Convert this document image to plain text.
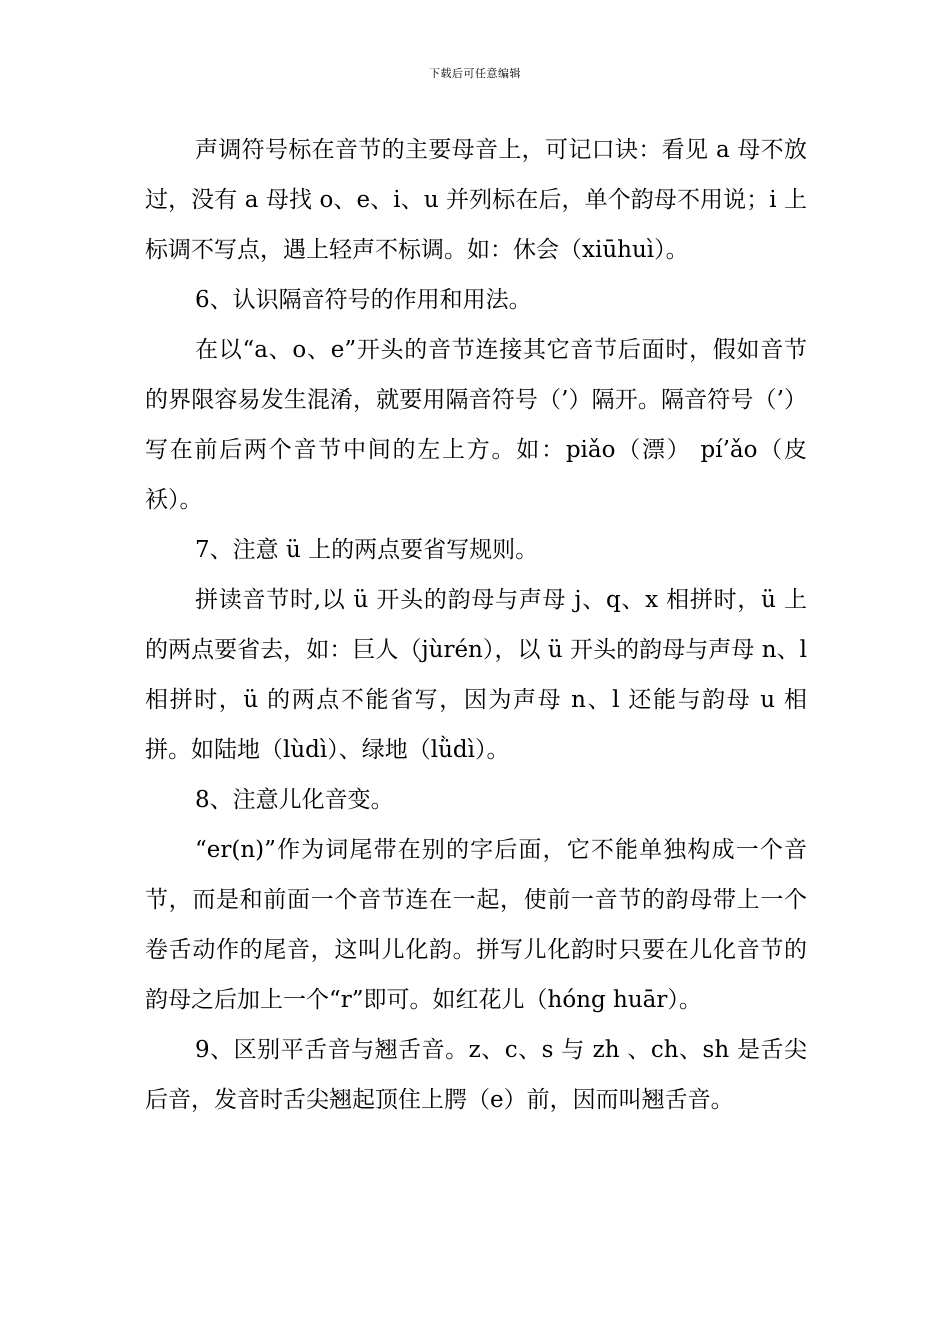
下载后可任意编辑

声调符号标在音节的主要母音上，可记口诀：看见 a 母不放过，没有 a 母找 o、e、i、u 并列标在后，单个韵母不用说；i 上标调不写点，遇上轻声不标调。如：休会（xiūhuì）。

6、认识隔音符号的作用和用法。

在以“a、o、e”开头的音节连接其它音节后面时，假如音节的界限容易发生混淆，就要用隔音符号（’）隔开。隔音符号（’）写在前后两个音节中间的左上方。如：piǎo（漂） pí’ǎo（皮袄）。

7、注意 ü 上的两点要省写规则。

拼读音节时,以 ü 开头的韵母与声母 j、q、x 相拼时，ü 上的两点要省去，如：巨人（jùrén），以 ü 开头的韵母与声母 n、l 相拼时，ü 的两点不能省写，因为声母 n、l 还能与韵母 u 相拼。如陆地（lùdì）、绿地（lǜdì）。

8、注意儿化音变。

“er(n)”作为词尾带在别的字后面，它不能单独构成一个音节，而是和前面一个音节连在一起，使前一音节的韵母带上一个卷舌动作的尾音，这叫儿化韵。拼写儿化韵时只要在儿化音节的韵母之后加上一个“r”即可。如红花儿（hóng huār）。

9、区别平舌音与翘舌音。z、c、s 与 zh 、ch、sh 是舌尖后音，发音时舌尖翘起顶住上腭（e）前，因而叫翘舌音。
